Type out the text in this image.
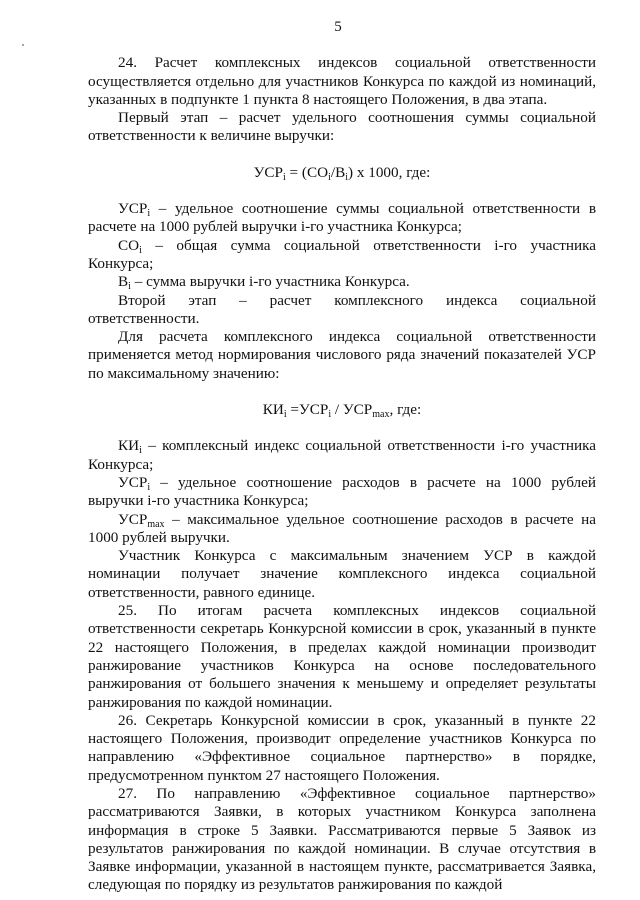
5

24. Расчет комплексных индексов социальной ответственности осуществляется отдельно для участников Конкурса по каждой из номинаций, указанных в подпункте 1 пункта 8 настоящего Положения, в два этапа.

Первый этап – расчет удельного соотношения суммы социальной ответственности к величине выручки:

$УСР_i = (СО_i/В_i)$ х 1000, где:

$УСР_i$ – удельное соотношение суммы социальной ответственности в расчете на 1000 рублей выручки i-го участника Конкурса;

$СО_i$ – общая сумма социальной ответственности i-го участника Конкурса;

$В_i$ – сумма выручки i-го участника Конкурса.

Второй этап – расчет комплексного индекса социальной ответственности.

Для расчета комплексного индекса социальной ответственности применяется метод нормирования числового ряда значений показателей УСР по максимальному значению:

$КИ_i =УСР_i / УСР_{max}$, где:

$КИ_i$ – комплексный индекс социальной ответственности i-го участника Конкурса;

$УСР_i$ – удельное соотношение расходов в расчете на 1000 рублей выручки i-го участника Конкурса;

$УСР_{max}$ – максимальное удельное соотношение расходов в расчете на 1000 рублей выручки.

Участник Конкурса с максимальным значением УСР в каждой номинации получает значение комплексного индекса социальной ответственности, равного единице.

25. По итогам расчета комплексных индексов социальной ответственности секретарь Конкурсной комиссии в срок, указанный в пункте 22 настоящего Положения, в пределах каждой номинации производит ранжирование участников Конкурса на основе последовательного ранжирования от большего значения к меньшему и определяет результаты ранжирования по каждой номинации.

26. Секретарь Конкурсной комиссии в срок, указанный в пункте 22 настоящего Положения, производит определение участников Конкурса по направлению «Эффективное социальное партнерство» в порядке, предусмотренном пунктом 27 настоящего Положения.

27. По направлению «Эффективное социальное партнерство» рассматриваются Заявки, в которых участником Конкурса заполнена информация в строке 5 Заявки. Рассматриваются первые 5 Заявок из результатов ранжирования по каждой номинации. В случае отсутствия в Заявке информации, указанной в настоящем пункте, рассматривается Заявка, следующая по порядку из результатов ранжирования по каждой
